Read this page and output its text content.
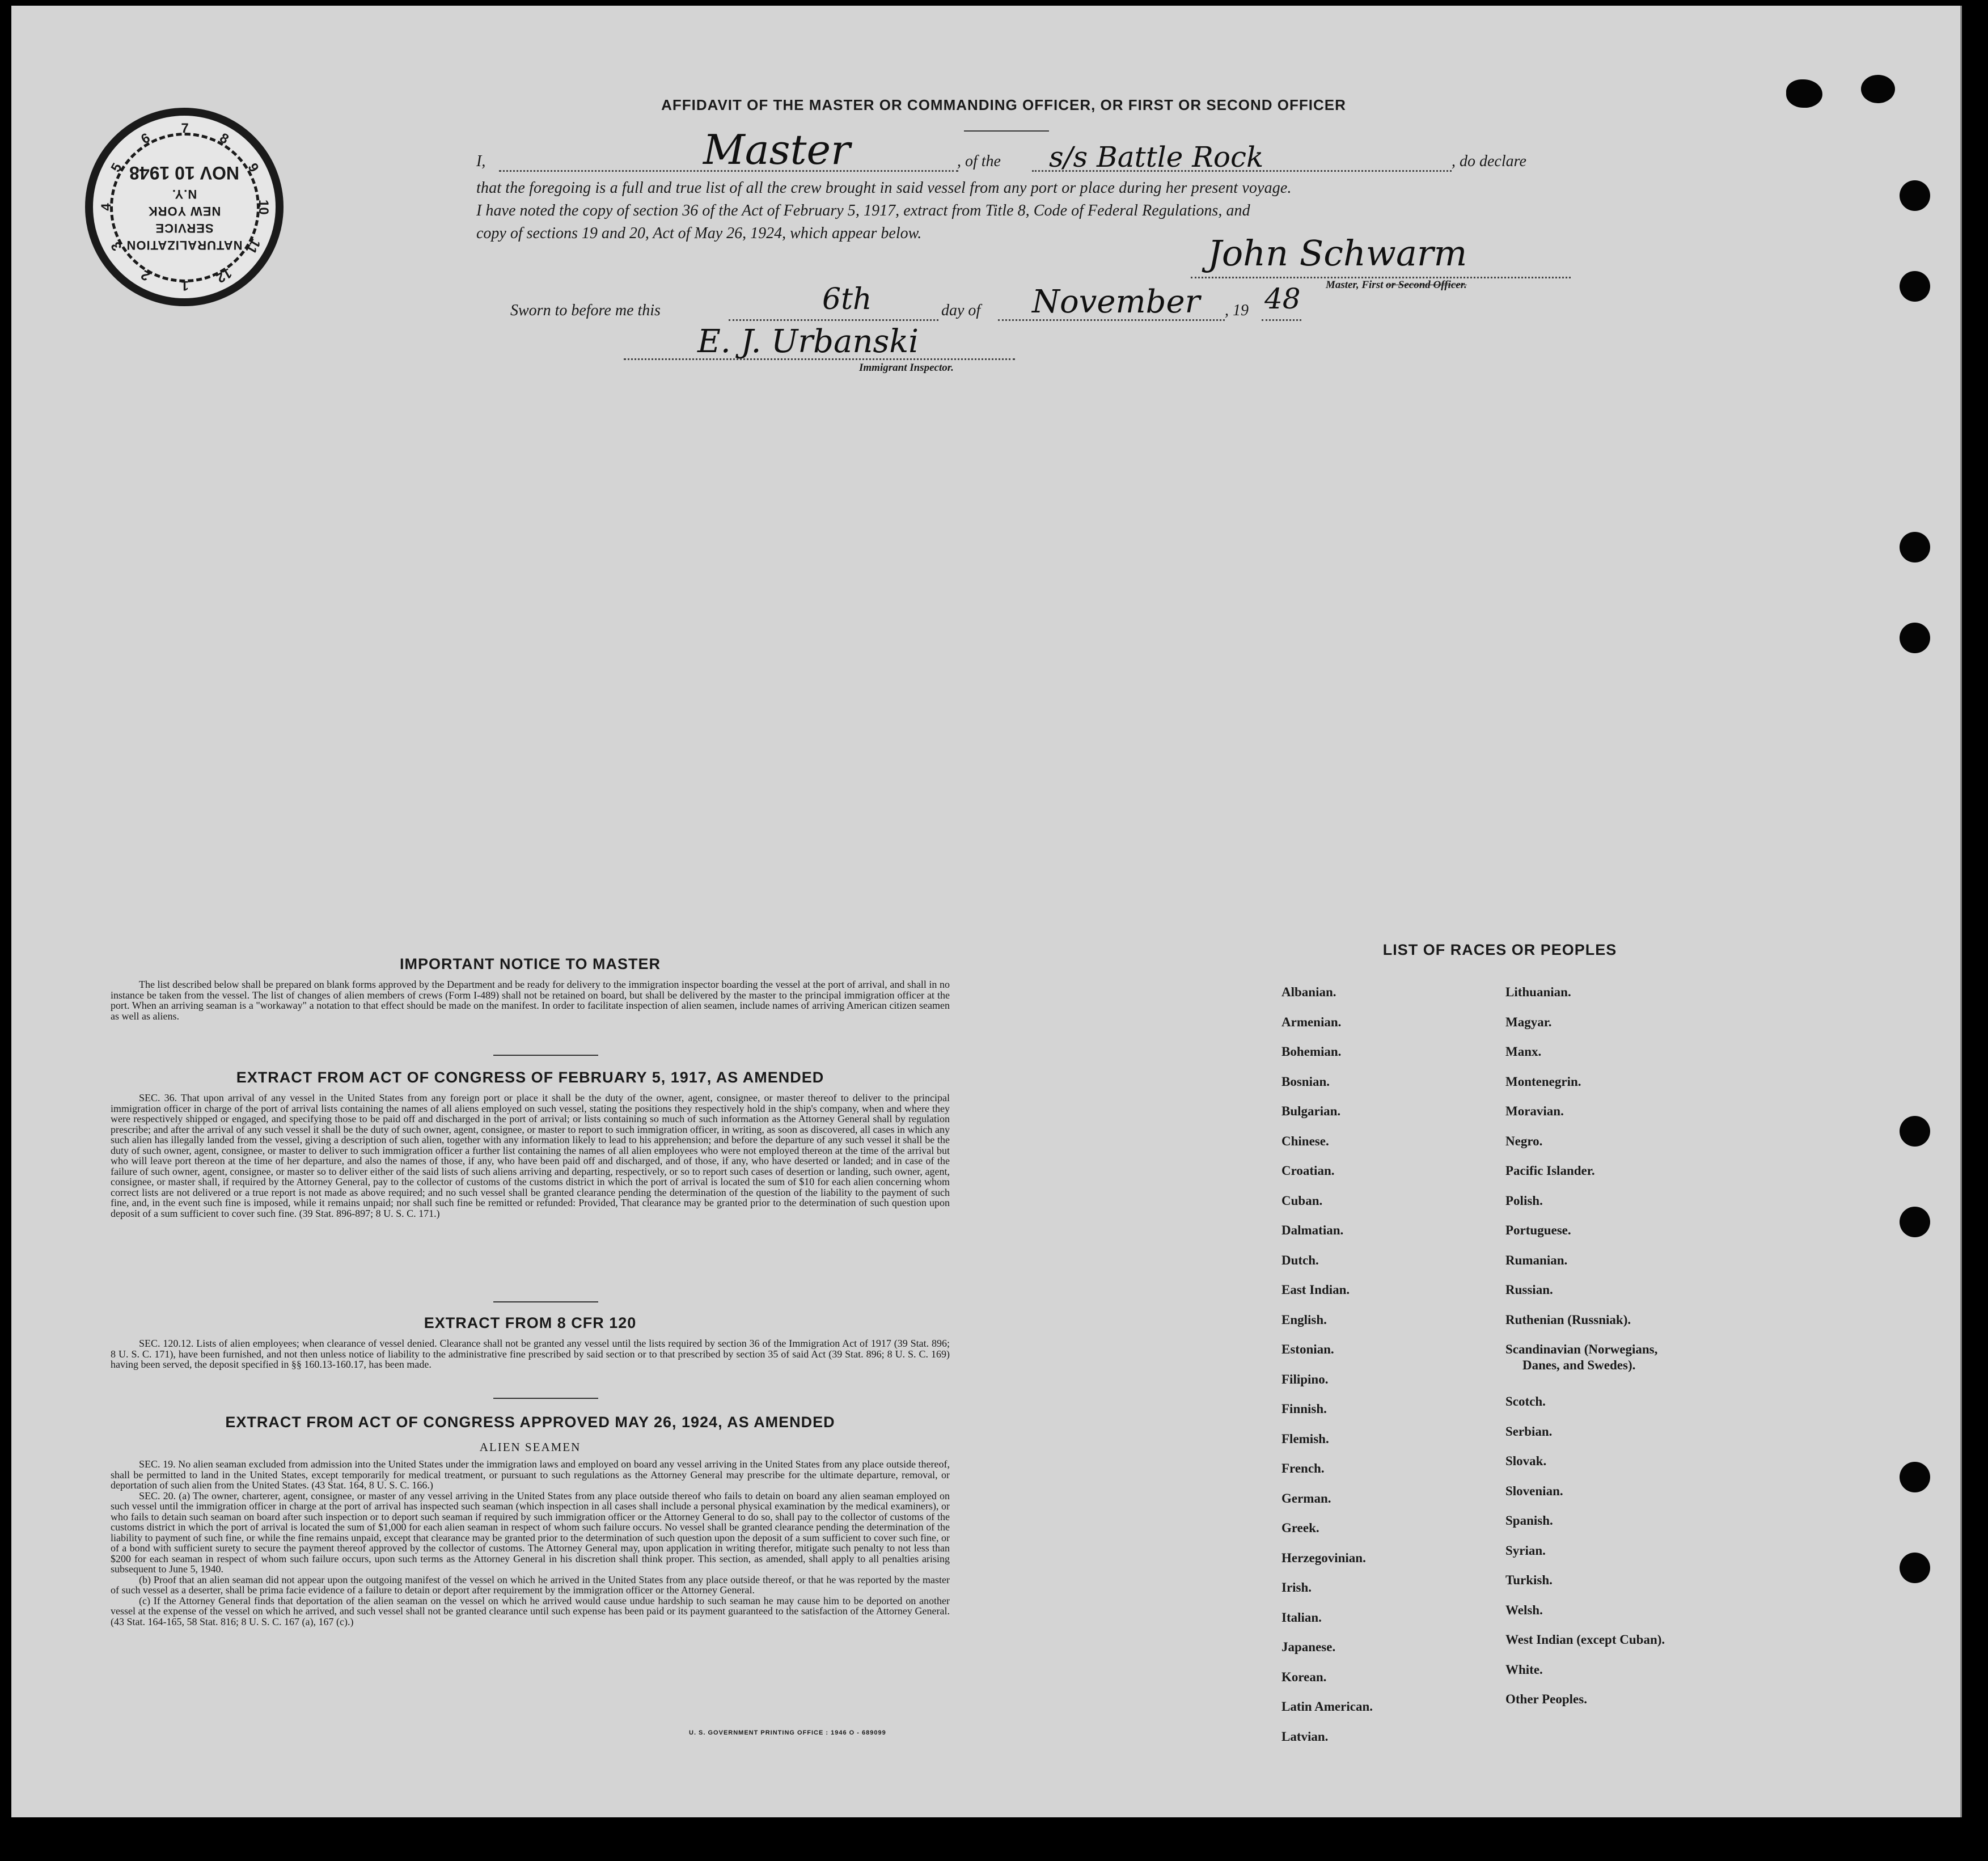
NATURALIZATION
SERVICE
NEW YORK
N.Y.
NOV 10 1948
1
2
3
4
5
6
7
8
9
10
11
12
AFFIDAVIT OF THE MASTER OR COMMANDING OFFICER, OR FIRST OR SECOND OFFICER
I,	Master	, of the s/s Battle Rock	, do declare
that the foregoing is a full and true list of all the crew brought in said vessel from any port or place during her present voyage.
I have noted the copy of section 36 of the Act of February 5, 1917, extract from Title 8, Code of Federal Regulations, and
copy of sections 19 and 20, Act of May 26, 1924, which appear below.	John Schwarm
Master, First or Second Officer.
Sworn to before me this	6th	day of November , 19 48
E. J. Urbanski
Immigrant Inspector.
IMPORTANT NOTICE TO MASTER

The list described below shall be prepared on blank forms approved by the Department and be ready for delivery to the immigration inspector boarding the vessel at the port of arrival, and shall in no instance be taken from the vessel. The list of changes of alien members of crews (Form I-489) shall not be retained on board, but shall be delivered by the master to the principal immigration officer at the port. When an arriving seaman is a "workaway" a notation to that effect should be made on the manifest. In order to facilitate inspection of alien seamen, include names of arriving American citizen seamen as well as aliens.

EXTRACT FROM ACT OF CONGRESS OF FEBRUARY 5, 1917, AS AMENDED

SEC. 36. That upon arrival of any vessel in the United States from any foreign port or place it shall be the duty of the owner, agent, consignee, or master thereof to deliver to the principal immigration officer in charge of the port of arrival lists containing the names of all aliens employed on such vessel, stating the positions they respectively hold in the ship's company, when and where they were respectively shipped or engaged, and specifying those to be paid off and discharged in the port of arrival; or lists containing so much of such information as the Attorney General shall by regulation prescribe; and after the arrival of any such vessel it shall be the duty of such owner, agent, consignee, or master to report to such immigration officer, in writing, as soon as discovered, all cases in which any such alien has illegally landed from the vessel, giving a description of such alien, together with any information likely to lead to his apprehension; and before the departure of any such vessel it shall be the duty of such owner, agent, consignee, or master to deliver to such immigration officer a further list containing the names of all alien employees who were not employed thereon at the time of the arrival but who will leave port thereon at the time of her departure, and also the names of those, if any, who have been paid off and discharged, and of those, if any, who have deserted or landed; and in case of the failure of such owner, agent, consignee, or master so to deliver either of the said lists of such aliens arriving and departing, respectively, or so to report such cases of desertion or landing, such owner, agent, consignee, or master shall, if required by the Attorney General, pay to the collector of customs of the customs district in which the port of arrival is located the sum of $10 for each alien concerning whom correct lists are not delivered or a true report is not made as above required; and no such vessel shall be granted clearance pending the determination of the question of the liability to the payment of such fine, and, in the event such fine is imposed, while it remains unpaid; nor shall such fine be remitted or refunded: Provided, That clearance may be granted prior to the determination of such question upon deposit of a sum sufficient to cover such fine. (39 Stat. 896-897; 8 U. S. C. 171.)

EXTRACT FROM 8 CFR 120

SEC. 120.12. Lists of alien employees; when clearance of vessel denied. Clearance shall not be granted any vessel until the lists required by section 36 of the Immigration Act of 1917 (39 Stat. 896; 8 U. S. C. 171), have been furnished, and not then unless notice of liability to the administrative fine prescribed by said section or to that prescribed by section 35 of said Act (39 Stat. 896; 8 U. S. C. 169) having been served, the deposit specified in §§ 160.13-160.17, has been made.

EXTRACT FROM ACT OF CONGRESS APPROVED MAY 26, 1924, AS AMENDED
ALIEN SEAMEN

SEC. 19. No alien seaman excluded from admission into the United States under the immigration laws and employed on board any vessel arriving in the United States from any place outside thereof, shall be permitted to land in the United States, except temporarily for medical treatment, or pursuant to such regulations as the Attorney General may prescribe for the ultimate departure, removal, or deportation of such alien from the United States. (43 Stat. 164, 8 U. S. C. 166.)

SEC. 20. (a) The owner, charterer, agent, consignee, or master of any vessel arriving in the United States from any place outside thereof who fails to detain on board any alien seaman employed on such vessel until the immigration officer in charge at the port of arrival has inspected such seaman (which inspection in all cases shall include a personal physical examination by the medical examiners), or who fails to detain such seaman on board after such inspection or to deport such seaman if required by such immigration officer or the Attorney General to do so, shall pay to the collector of customs of the customs district in which the port of arrival is located the sum of $1,000 for each alien seaman in respect of whom such failure occurs. No vessel shall be granted clearance pending the determination of the liability to payment of such fine, or while the fine remains unpaid, except that clearance may be granted prior to the determination of such question upon the deposit of a sum sufficient to cover such fine, or of a bond with sufficient surety to secure the payment thereof approved by the collector of customs. The Attorney General may, upon application in writing therefor, mitigate such penalty to not less than $200 for each seaman in respect of whom such failure occurs, upon such terms as the Attorney General in his discretion shall think proper. This section, as amended, shall apply to all penalties arising subsequent to June 5, 1940.

(b) Proof that an alien seaman did not appear upon the outgoing manifest of the vessel on which he arrived in the United States from any place outside thereof, or that he was reported by the master of such vessel as a deserter, shall be prima facie evidence of a failure to detain or deport after requirement by the immigration officer or the Attorney General.

(c) If the Attorney General finds that deportation of the alien seaman on the vessel on which he arrived would cause undue hardship to such seaman he may cause him to be deported on another vessel at the expense of the vessel on which he arrived, and such vessel shall not be granted clearance until such expense has been paid or its payment guaranteed to the satisfaction of the Attorney General. (43 Stat. 164-165, 58 Stat. 816; 8 U. S. C. 167 (a), 167 (c).)

U. S. GOVERNMENT PRINTING OFFICE : 1946 O - 689099
LIST OF RACES OR PEOPLES
Albanian.
Armenian.
Bohemian.
Bosnian.
Bulgarian.
Chinese.
Croatian.
Cuban.
Dalmatian.
Dutch.
East Indian.
English.
Estonian.
Filipino.
Finnish.
Flemish.
French.
German.
Greek.
Herzegovinian.
Irish.
Italian.
Japanese.
Korean.
Latin American.
Latvian.
Lithuanian.
Magyar.
Manx.
Montenegrin.
Moravian.
Negro.
Pacific Islander.
Polish.
Portuguese.
Rumanian.
Russian.
Ruthenian (Russniak).
Scandinavian (Norwegians,
Danes, and Swedes).
Scotch.
Serbian.
Slovak.
Slovenian.
Spanish.
Syrian.
Turkish.
Welsh.
West Indian (except Cuban).
White.
Other Peoples.
